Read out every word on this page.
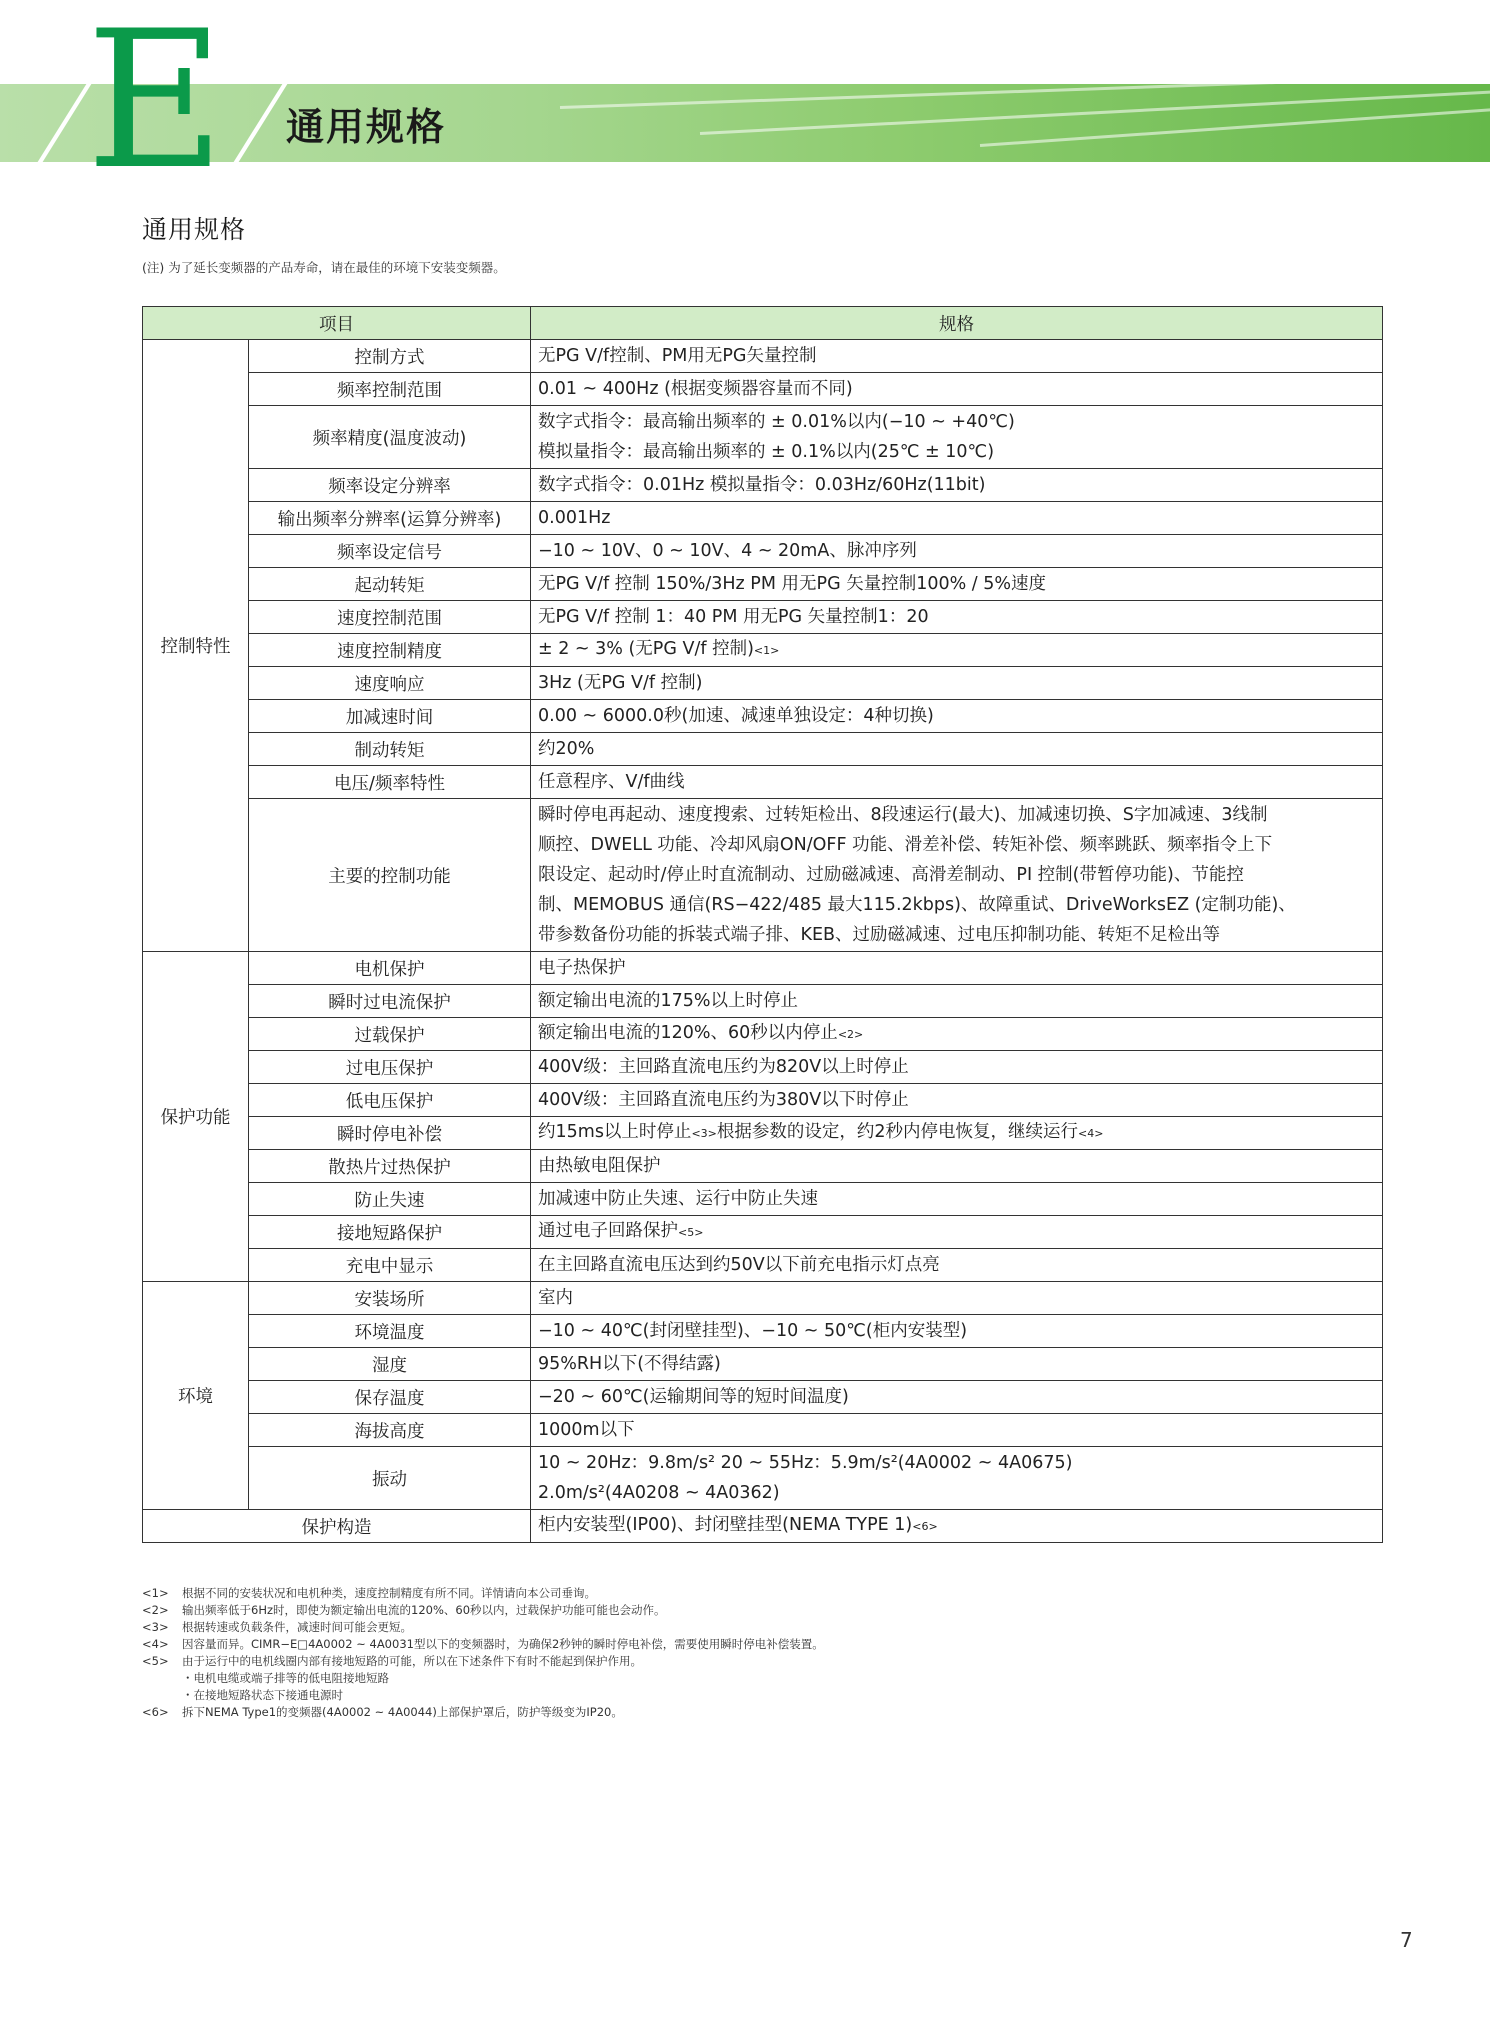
E 通用规格
通用规格
(注) 为了延长变频器的产品寿命，请在最佳的环境下安装变频器。
项目		规格
控制特性	控制方式	无PG V/f控制、PM用无PG矢量控制

	频率控制范围	0.01 ~ 400Hz (根据变频器容量而不同)

	频率精度(温度波动)	数字式指令：最高输出频率的 ± 0.01%以内(−10 ~ +40℃)
模拟量指令：最高输出频率的 ± 0.1%以内(25℃ ± 10℃)

	频率设定分辨率	数字式指令：0.01Hz 模拟量指令：0.03Hz/60Hz(11bit)

	输出频率分辨率(运算分辨率)	0.001Hz

	频率设定信号	−10 ~ 10V、0 ~ 10V、4 ~ 20mA、脉冲序列

	起动转矩	无PG V/f 控制 150%/3Hz PM 用无PG 矢量控制100% / 5%速度

	速度控制范围	无PG V/f 控制 1：40 PM 用无PG 矢量控制1：20

	速度控制精度	± 2 ~ 3% (无PG V/f 控制)<1>

	速度响应	3Hz (无PG V/f 控制)

	加减速时间	0.00 ~ 6000.0秒(加速、减速单独设定：4种切换)

	制动转矩	约20%

	电压/频率特性	任意程序、V/f曲线

	主要的控制功能	瞬时停电再起动、速度搜索、过转矩检出、8段速运行(最大)、加减速切换、S字加减速、3线制
顺控、DWELL 功能、冷却风扇ON/OFF 功能、滑差补偿、转矩补偿、频率跳跃、频率指令上下
限设定、起动时/停止时直流制动、过励磁减速、高滑差制动、PI 控制(带暂停功能)、节能控
制、MEMOBUS 通信(RS−422/485 最大115.2kbps)、故障重试、DriveWorksEZ (定制功能)、
带参数备份功能的拆装式端子排、KEB、过励磁减速、过电压抑制功能、转矩不足检出等

保护功能	电机保护	电子热保护

	瞬时过电流保护	额定输出电流的175%以上时停止

	过载保护	额定输出电流的120%、60秒以内停止<2>

	过电压保护	400V级：主回路直流电压约为820V以上时停止

	低电压保护	400V级：主回路直流电压约为380V以下时停止

	瞬时停电补偿	约15ms以上时停止<3>根据参数的设定，约2秒内停电恢复，继续运行<4>

	散热片过热保护	由热敏电阻保护

	防止失速	加减速中防止失速、运行中防止失速

	接地短路保护	通过电子回路保护<5>

	充电中显示	在主回路直流电压达到约50V以下前充电指示灯点亮

环境	安装场所	室内

	环境温度	−10 ~ 40℃(封闭壁挂型)、−10 ~ 50℃(柜内安装型)

	湿度	95%RH以下(不得结露)

	保存温度	−20 ~ 60℃(运输期间等的短时间温度)

	海拔高度	1000m以下

	振动	10 ~ 20Hz：9.8m/s² 20 ~ 55Hz：5.9m/s²(4A0002 ~ 4A0675)
2.0m/s²(4A0208 ~ 4A0362)

保护构造		柜内安装型(IP00)、封闭壁挂型(NEMA TYPE 1)<6>
<1>	根据不同的安装状况和电机种类，速度控制精度有所不同。详情请向本公司垂询。
<2>	输出频率低于6Hz时，即使为额定输出电流的120%、60秒以内，过载保护功能可能也会动作。
<3>	根据转速或负载条件，减速时间可能会更短。
<4>	因容量而异。CIMR−E□4A0002 ~ 4A0031型以下的变频器时，为确保2秒钟的瞬时停电补偿，需要使用瞬时停电补偿装置。
<5>	由于运行中的电机线圈内部有接地短路的可能，所以在下述条件下有时不能起到保护作用。
・电机电缆或端子排等的低电阻接地短路
・在接地短路状态下接通电源时
<6>	拆下NEMA Type1的变频器(4A0002 ~ 4A0044)上部保护罩后，防护等级变为IP20。
7
